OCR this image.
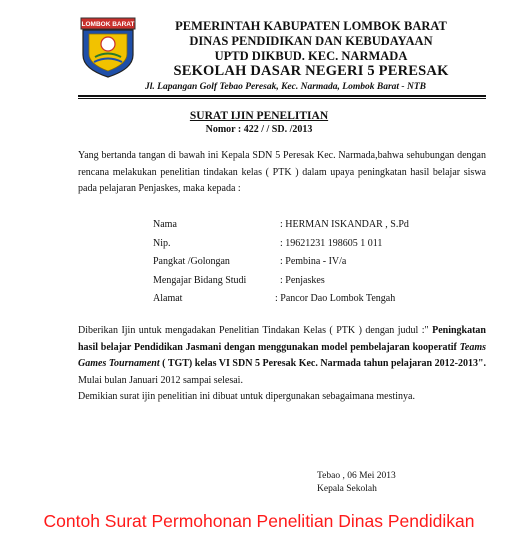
LOMBOK BARAT	PEMERINTAH KABUPATEN LOMBOK BARAT
DINAS PENDIDIKAN DAN KEBUDAYAAN
UPTD DIKBUD. KEC. NARMADA
SEKOLAH DASAR NEGERI 5 PERESAK
Jl. Lapangan Golf Tebao Peresak, Kec. Narmada, Lombok Barat - NTB
SURAT IJIN PENELITIAN
Nomor : 422 / / SD. /2013
Yang bertanda tangan di bawah ini Kepala SDN 5 Peresak Kec. Narmada,bahwa sehubungan dengan rencana melakukan penelitian tindakan kelas ( PTK ) dalam upaya peningkatan hasil belajar siswa pada pelajaran Penjaskes, maka kepada :
Nama	: HERMAN ISKANDAR , S.Pd
Nip.	: 19621231 198605 1 011
Pangkat /Golongan	: Pembina - IV/a
Mengajar Bidang Studi	: Penjaskes
Alamat	: Pancor Dao Lombok Tengah
Diberikan Ijin untuk mengadakan Penelitian Tindakan Kelas ( PTK ) dengan judul :" Peningkatan hasil belajar Pendidikan Jasmani dengan menggunakan model pembelajaran kooperatif Teams Games Tournament ( TGT) kelas VI SDN 5 Peresak Kec. Narmada tahun pelajaran 2012-2013". Mulai bulan Januari 2012 sampai selesai.
Demikian surat ijin penelitian ini dibuat untuk dipergunakan sebagaimana mestinya.
Tebao , 06 Mei 2013
Kepala Sekolah
Contoh Surat Permohonan Penelitian Dinas Pendidikan
